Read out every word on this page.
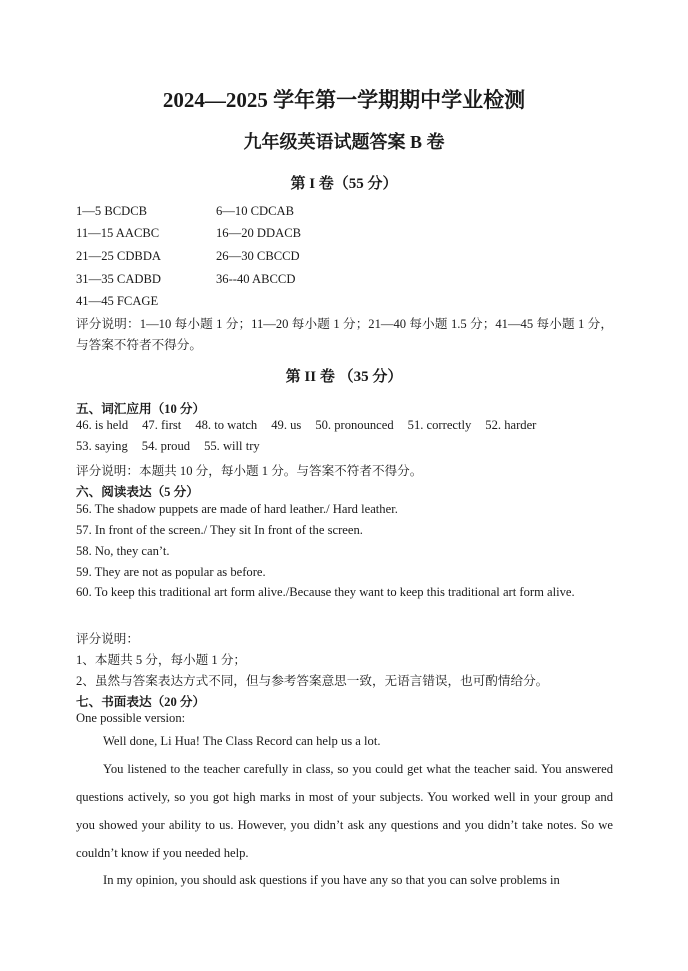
2024—2025 学年第一学期期中学业检测
九年级英语试题答案 B 卷
第 I 卷（55 分）
1—5 BCDCB	6—10 CDCAB
11—15 AACBC	16—20 DDACB
21—25 CDBDA	26—30 CBCCD
31—35 CADBD	36--40 ABCCD
41—45 FCAGE
评分说明：1—10 每小题 1 分；11—20 每小题 1 分；21—40 每小题 1.5 分；41—45 每小题 1 分，与答案不符者不得分。
第 II 卷 （35 分）
五、词汇应用（10 分）
46. is held 47. first 48. to watch 49. us 50. pronounced 51. correctly 52. harder
53. saying 54. proud 55. will try
评分说明：本题共 10 分，每小题 1 分。与答案不符者不得分。
六、阅读表达（5 分）
56. The shadow puppets are made of hard leather./ Hard leather.
57. In front of the screen./ They sit In front of the screen.
58. No, they can’t.
59. They are not as popular as before.
60. To keep this traditional art form alive./Because they want to keep this traditional art form alive.
评分说明：
1、本题共 5 分，每小题 1 分；
2、虽然与答案表达方式不同，但与参考答案意思一致，无语言错误，也可酌情给分。
七、书面表达（20 分）
One possible version:
Well done, Li Hua! The Class Record can help us a lot.
You listened to the teacher carefully in class, so you could get what the teacher said. You answered questions actively, so you got high marks in most of your subjects. You worked well in your group and you showed your ability to us. However, you didn’t ask any questions and you didn’t take notes. So we couldn’t know if you needed help.
In my opinion, you should ask questions if you have any so that you can solve problems in
